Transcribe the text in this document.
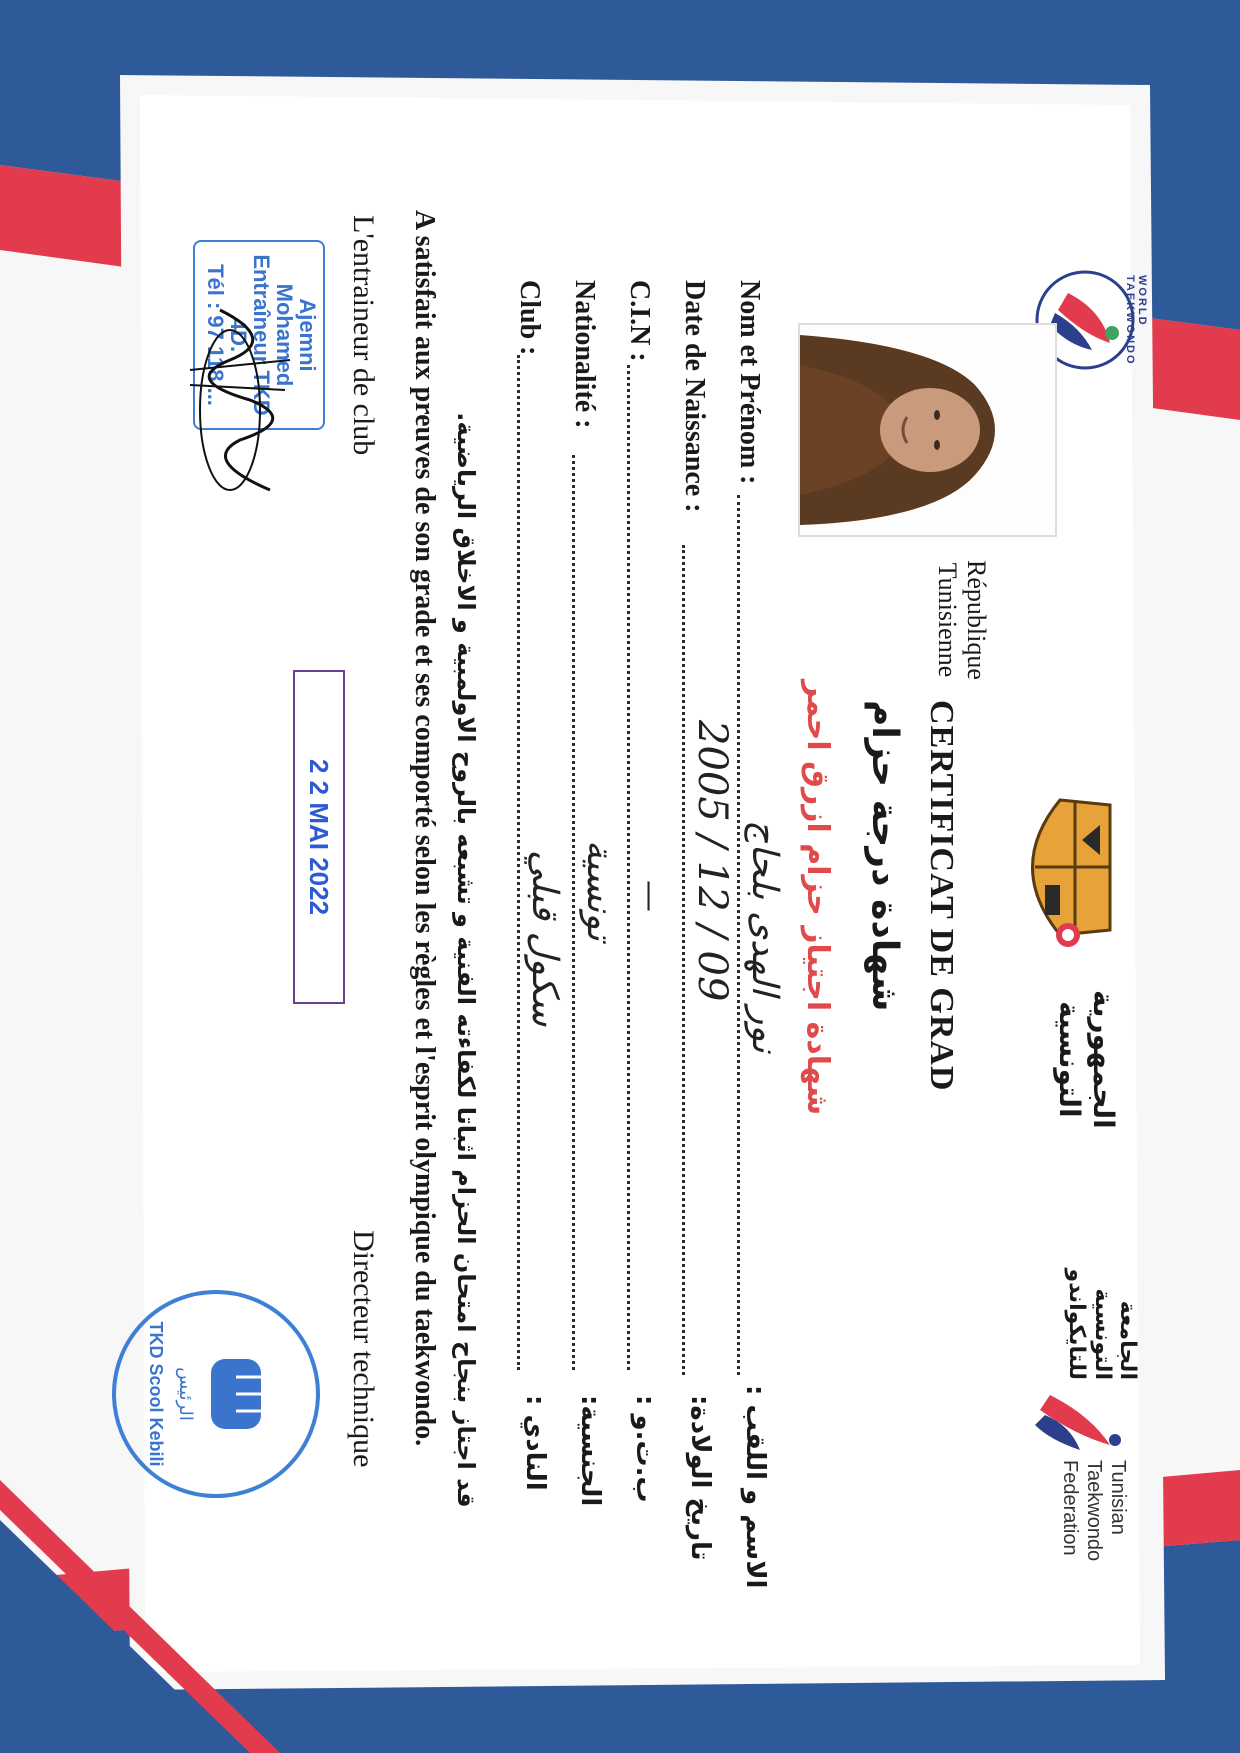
WORLD TAEKWONDO
République
Tunisienne
الجمهورية
التونسية
الجامعة
التونسية
للتايكواندو
Tunisian
Taekwondo
Federation
CERTIFICAT DE GRAD
شهادة درجة حزام
شهادة اجتياز حزام ازرق احمر
Nom et Prénom :
نور الهدى بلحاج
الاسم و اللقب :
Date de Naissance :
2005 / 12 / 09
تاريخ الولادة:
C.I.N :
—
ب.ت.و :
Nationalité :
تونسية
الجنسية:
Club :
سكول قبلي
النادي :
قد اجتاز بنجاح امتحان الحزام اثباتا لكفاءته الفنية و تشبعه بالروح الاولمبية و الاخلاق الرياضية.
A satisfait aux preuves de son grade et ses comporté selon les règles et l'esprit olympique du taekwondo.
L'entraineur de club
Directeur technique
2 2 MAI 2022
Ajemni Mohamed
Entraîneur TKD
4D.
Tél : 97 118 ...
TKD Scool Kebili الرئيس
